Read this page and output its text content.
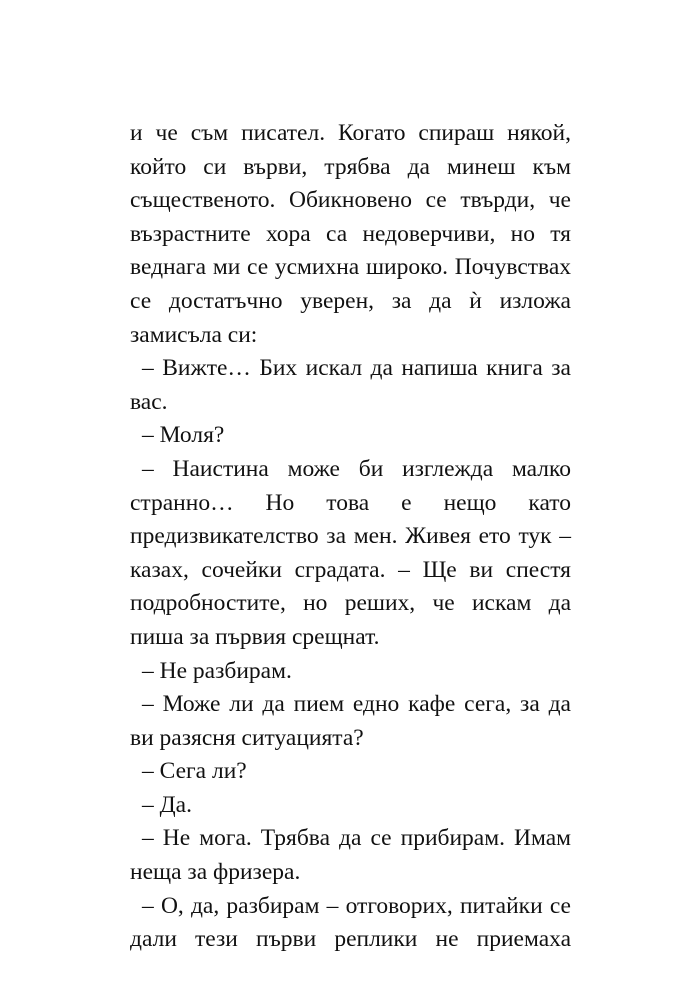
и че съм писател. Когато спираш някой, който си върви, трябва да минеш към същественото. Обикновено се твърди, че възрастните хора са недоверчиви, но тя веднага ми се усмихна широко. Почувствах се достатъчно уверен, за да ѝ изложа замисъла си:

– Вижте… Бих искал да напиша книга за вас.

– Моля?

– Наистина може би изглежда малко странно… Но това е нещо като предизвикателство за мен. Живея ето тук – казах, сочейки сградата. – Ще ви спестя подробностите, но реших, че искам да пиша за първия срещнат.

– Не разбирам.

– Може ли да пием едно кафе сега, за да ви разясня ситуацията?

– Сега ли?

– Да.

– Не мога. Трябва да се прибирам. Имам неща за фризера.

– О, да, разбирам – отговорих, питайки се дали тези първи реплики не приемаха
